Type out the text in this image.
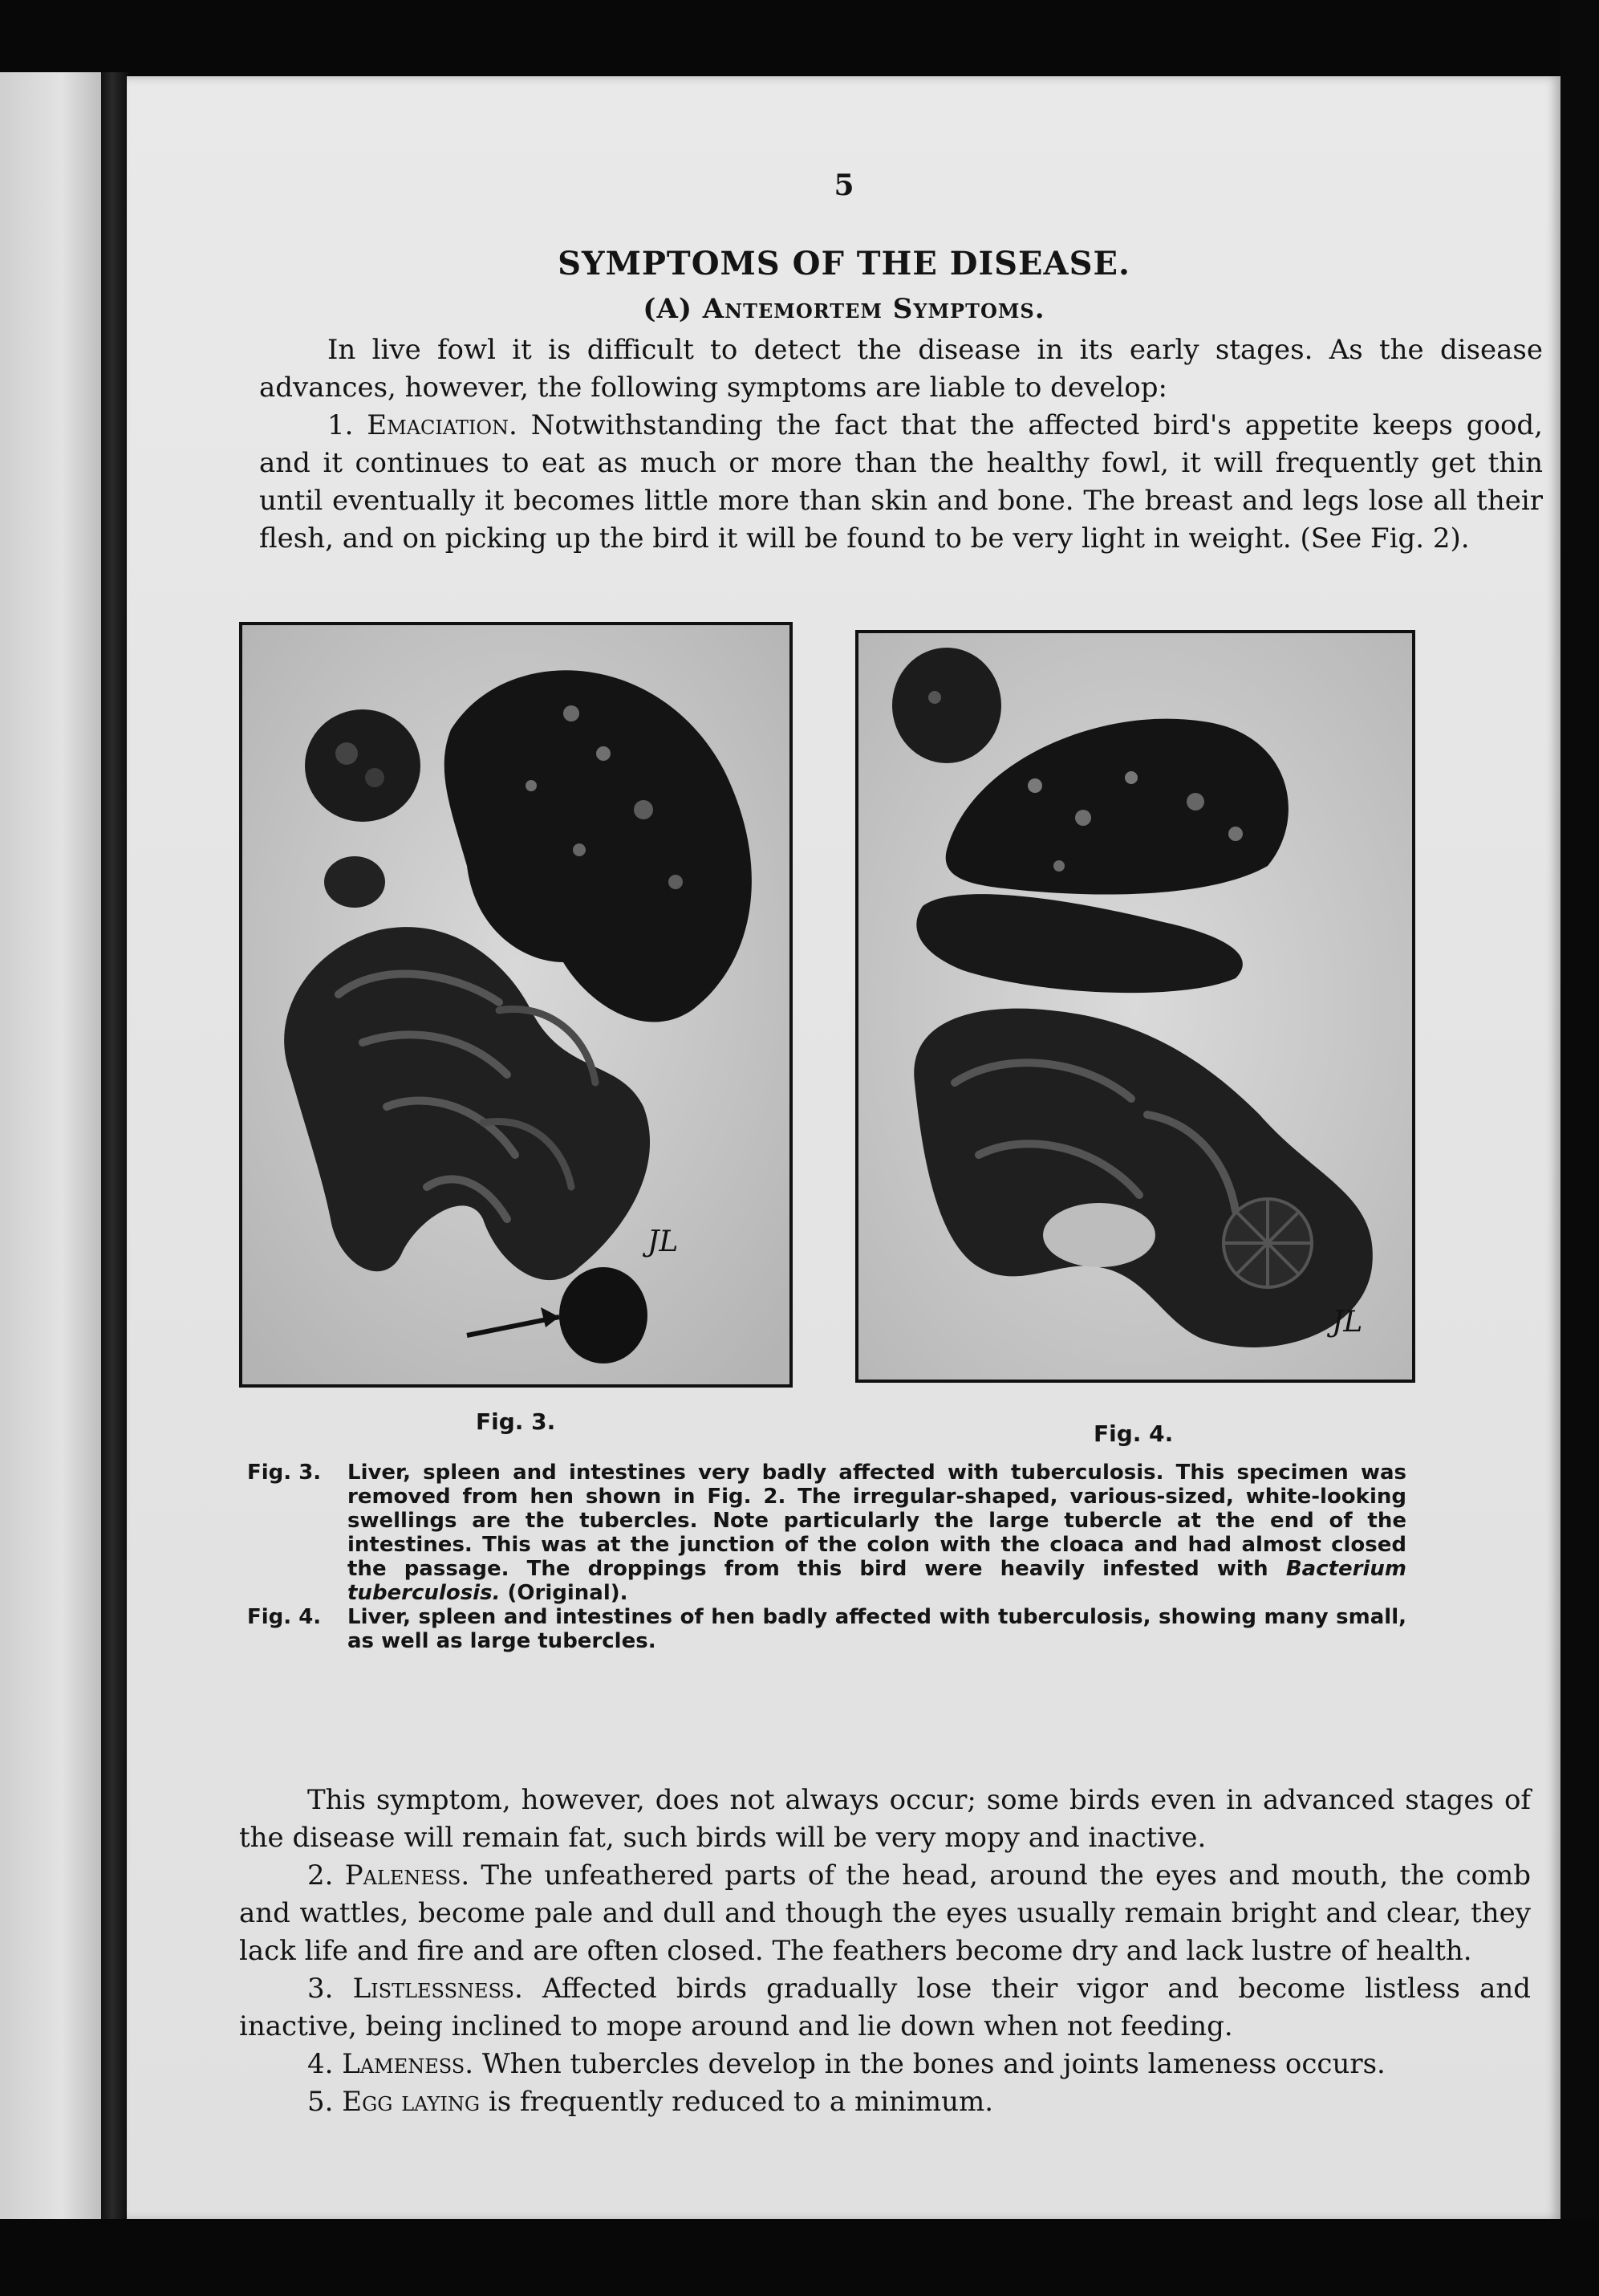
5
SYMPTOMS OF THE DISEASE.
(A) Antemortem Symptoms.

In live fowl it is difficult to detect the disease in its early stages. As the disease advances, however, the following symptoms are liable to develop:

1. Emaciation. Notwithstanding the fact that the affected bird's appetite keeps good, and it continues to eat as much or more than the healthy fowl, it will frequently get thin until eventually it becomes little more than skin and bone. The breast and legs lose all their flesh, and on picking up the bird it will be found to be very light in weight. (See Fig. 2).

JL
JL
Fig. 3.	Fig. 4.
Fig. 3.	Liver, spleen and intestines very badly affected with tuberculosis. This specimen was removed from hen shown in Fig. 2. The irregular-shaped, various-sized, white-looking swellings are the tubercles. Note particularly the large tubercle at the end of the intestines. This was at the junction of the colon with the cloaca and had almost closed the passage. The droppings from this bird were heavily infested with Bacterium tuberculosis. (Original).
Fig. 4.	Liver, spleen and intestines of hen badly affected with tuberculosis, showing many small, as well as large tubercles.

This symptom, however, does not always occur; some birds even in advanced stages of the disease will remain fat, such birds will be very mopy and inactive.

2. Paleness. The unfeathered parts of the head, around the eyes and mouth, the comb and wattles, become pale and dull and though the eyes usually remain bright and clear, they lack life and fire and are often closed. The feathers become dry and lack lustre of health.

3. Listlessness. Affected birds gradually lose their vigor and become listless and inactive, being inclined to mope around and lie down when not feeding.

4. Lameness. When tubercles develop in the bones and joints lameness occurs.

5. Egg laying is frequently reduced to a minimum.
